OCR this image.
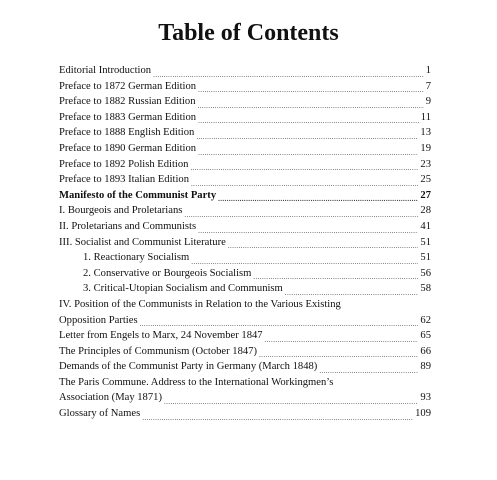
Table of Contents
Editorial Introduction .....	1
Preface to 1872 German Edition .....	7
Preface to 1882 Russian Edition .....	9
Preface to 1883 German Edition .....	11
Preface to 1888 English Edition .....	13
Preface to 1890 German Edition .....	19
Preface to 1892 Polish Edition .....	23
Preface to 1893 Italian Edition .....	25
Manifesto of the Communist Party .....	27
I. Bourgeois and Proletarians .....	28
II. Proletarians and Communists .....	41
III. Socialist and Communist Literature .....	51
1. Reactionary Socialism .....	51
2. Conservative or Bourgeois Socialism .....	56
3. Critical-Utopian Socialism and Communism .....	58
IV. Position of the Communists in Relation to the Various Existing
Opposition Parties .....	62
Letter from Engels to Marx, 24 November 1847 .....	65
The Principles of Communism (October 1847) .....	66
Demands of the Communist Party in Germany (March 1848) .....	89
The Paris Commune. Address to the International Workingmen’s
Association (May 1871) .....	93
Glossary of Names .....	109
